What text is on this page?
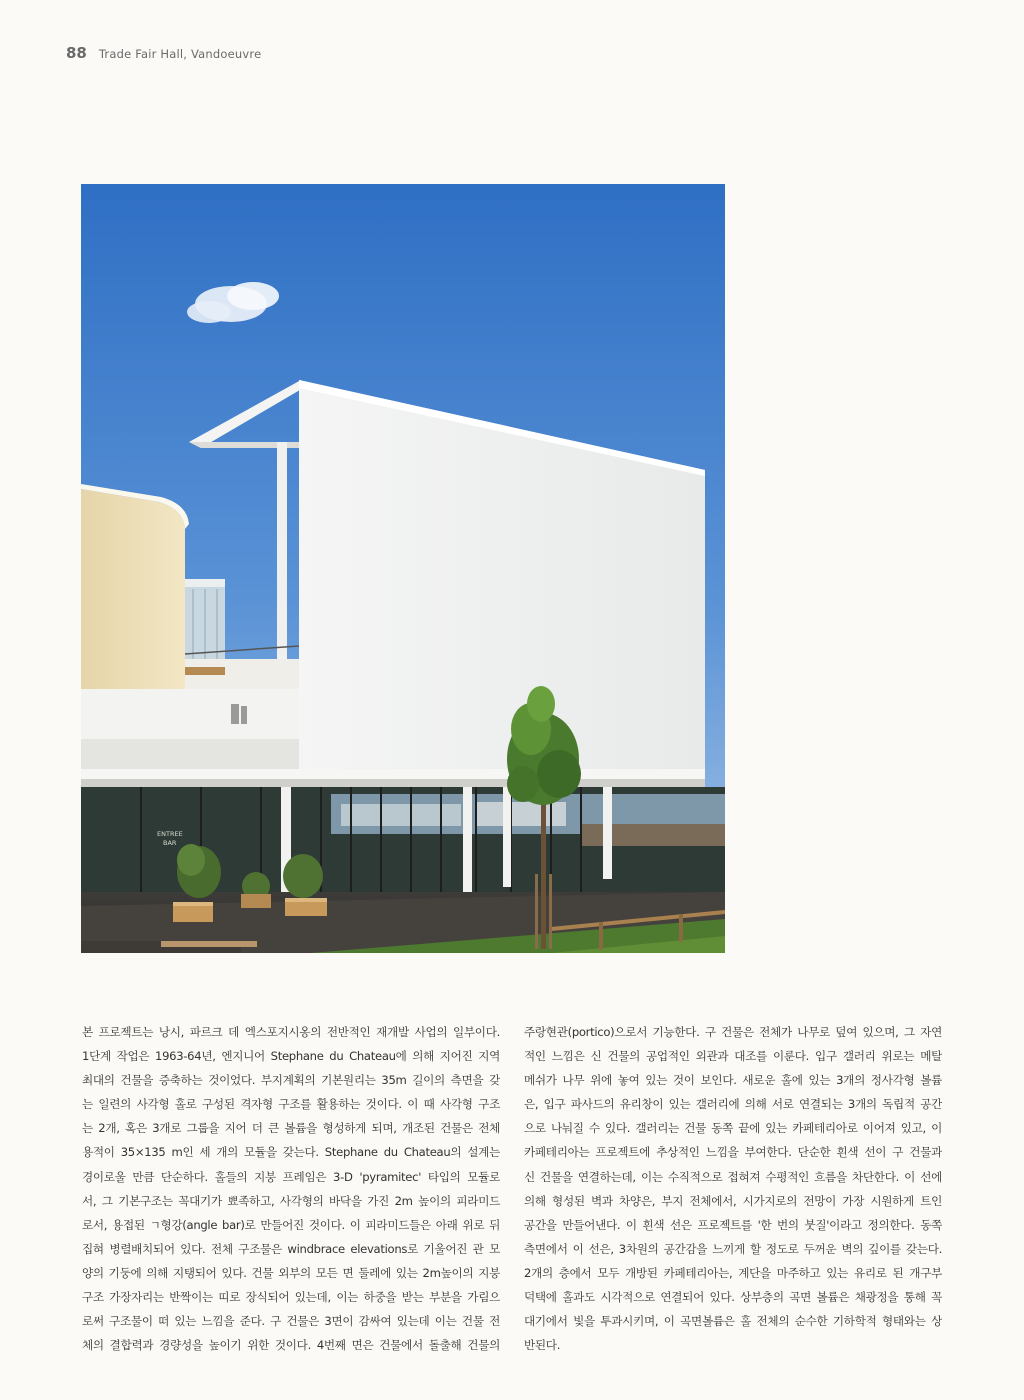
88 Trade Fair Hall, Vandoeuvre
ENTREE
BAR
본 프로젝트는 낭시, 파르크 데 엑스포지시옹의 전반적인 재개발 사업의 일부이다.
1단계 작업은 1963-64년, 엔지니어 Stephane du Chateau에 의해 지어진 지역
최대의 건물을 증축하는 것이었다. 부지계획의 기본원리는 35m 길이의 측면을 갖
는 일련의 사각형 홀로 구성된 격자형 구조를 활용하는 것이다. 이 때 사각형 구조
는 2개, 혹은 3개로 그룹을 지어 더 큰 볼륨을 형성하게 되며, 개조된 건물은 전체
용적이 35×135 m인 세 개의 모듈을 갖는다. Stephane du Chateau의 설계는
경이로울 만큼 단순하다. 홀들의 지붕 프레임은 3-D 'pyramitec' 타입의 모듈로
서, 그 기본구조는 꼭대기가 뾰족하고, 사각형의 바닥을 가진 2m 높이의 피라미드
로서, 용접된 ㄱ형강(angle bar)로 만들어진 것이다. 이 피라미드들은 아래 위로 뒤
집혀 병렬배치되어 있다. 전체 구조물은 windbrace elevations로 기울어진 관 모
양의 기둥에 의해 지탱되어 있다. 건물 외부의 모든 면 둘레에 있는 2m높이의 지붕
구조 가장자리는 반짝이는 띠로 장식되어 있는데, 이는 하중을 받는 부분을 가림으
로써 구조물이 떠 있는 느낌을 준다. 구 건물은 3면이 감싸여 있는데 이는 건물 전
체의 결합력과 경량성을 높이기 위한 것이다. 4번째 면은 건물에서 돌출해 건물의
주랑현관(portico)으로서 기능한다. 구 건물은 전체가 나무로 덮여 있으며, 그 자연
적인 느낌은 신 건물의 공업적인 외관과 대조를 이룬다. 입구 갤러리 위로는 메탈
메쉬가 나무 위에 놓여 있는 것이 보인다. 새로운 홀에 있는 3개의 정사각형 볼륨
은, 입구 파사드의 유리창이 있는 갤러리에 의해 서로 연결되는 3개의 독립적 공간
으로 나눠질 수 있다. 갤러리는 건물 동쪽 끝에 있는 카페테리아로 이어져 있고, 이
카페테리아는 프로젝트에 추상적인 느낌을 부여한다. 단순한 흰색 선이 구 건물과
신 건물을 연결하는데, 이는 수직적으로 접혀져 수평적인 흐름을 차단한다. 이 선에
의해 형성된 벽과 차양은, 부지 전체에서, 시가지로의 전망이 가장 시원하게 트인
공간을 만들어낸다. 이 흰색 선은 프로젝트를 '한 번의 붓질'이라고 정의한다. 동쪽
측면에서 이 선은, 3차원의 공간감을 느끼게 할 정도로 두꺼운 벽의 깊이를 갖는다.
2개의 층에서 모두 개방된 카페테리아는, 계단을 마주하고 있는 유리로 된 개구부
덕택에 홀과도 시각적으로 연결되어 있다. 상부층의 곡면 볼륨은 채광정을 통해 꼭
대기에서 빛을 투과시키며, 이 곡면볼륨은 홀 전체의 순수한 기하학적 형태와는 상
반된다.
